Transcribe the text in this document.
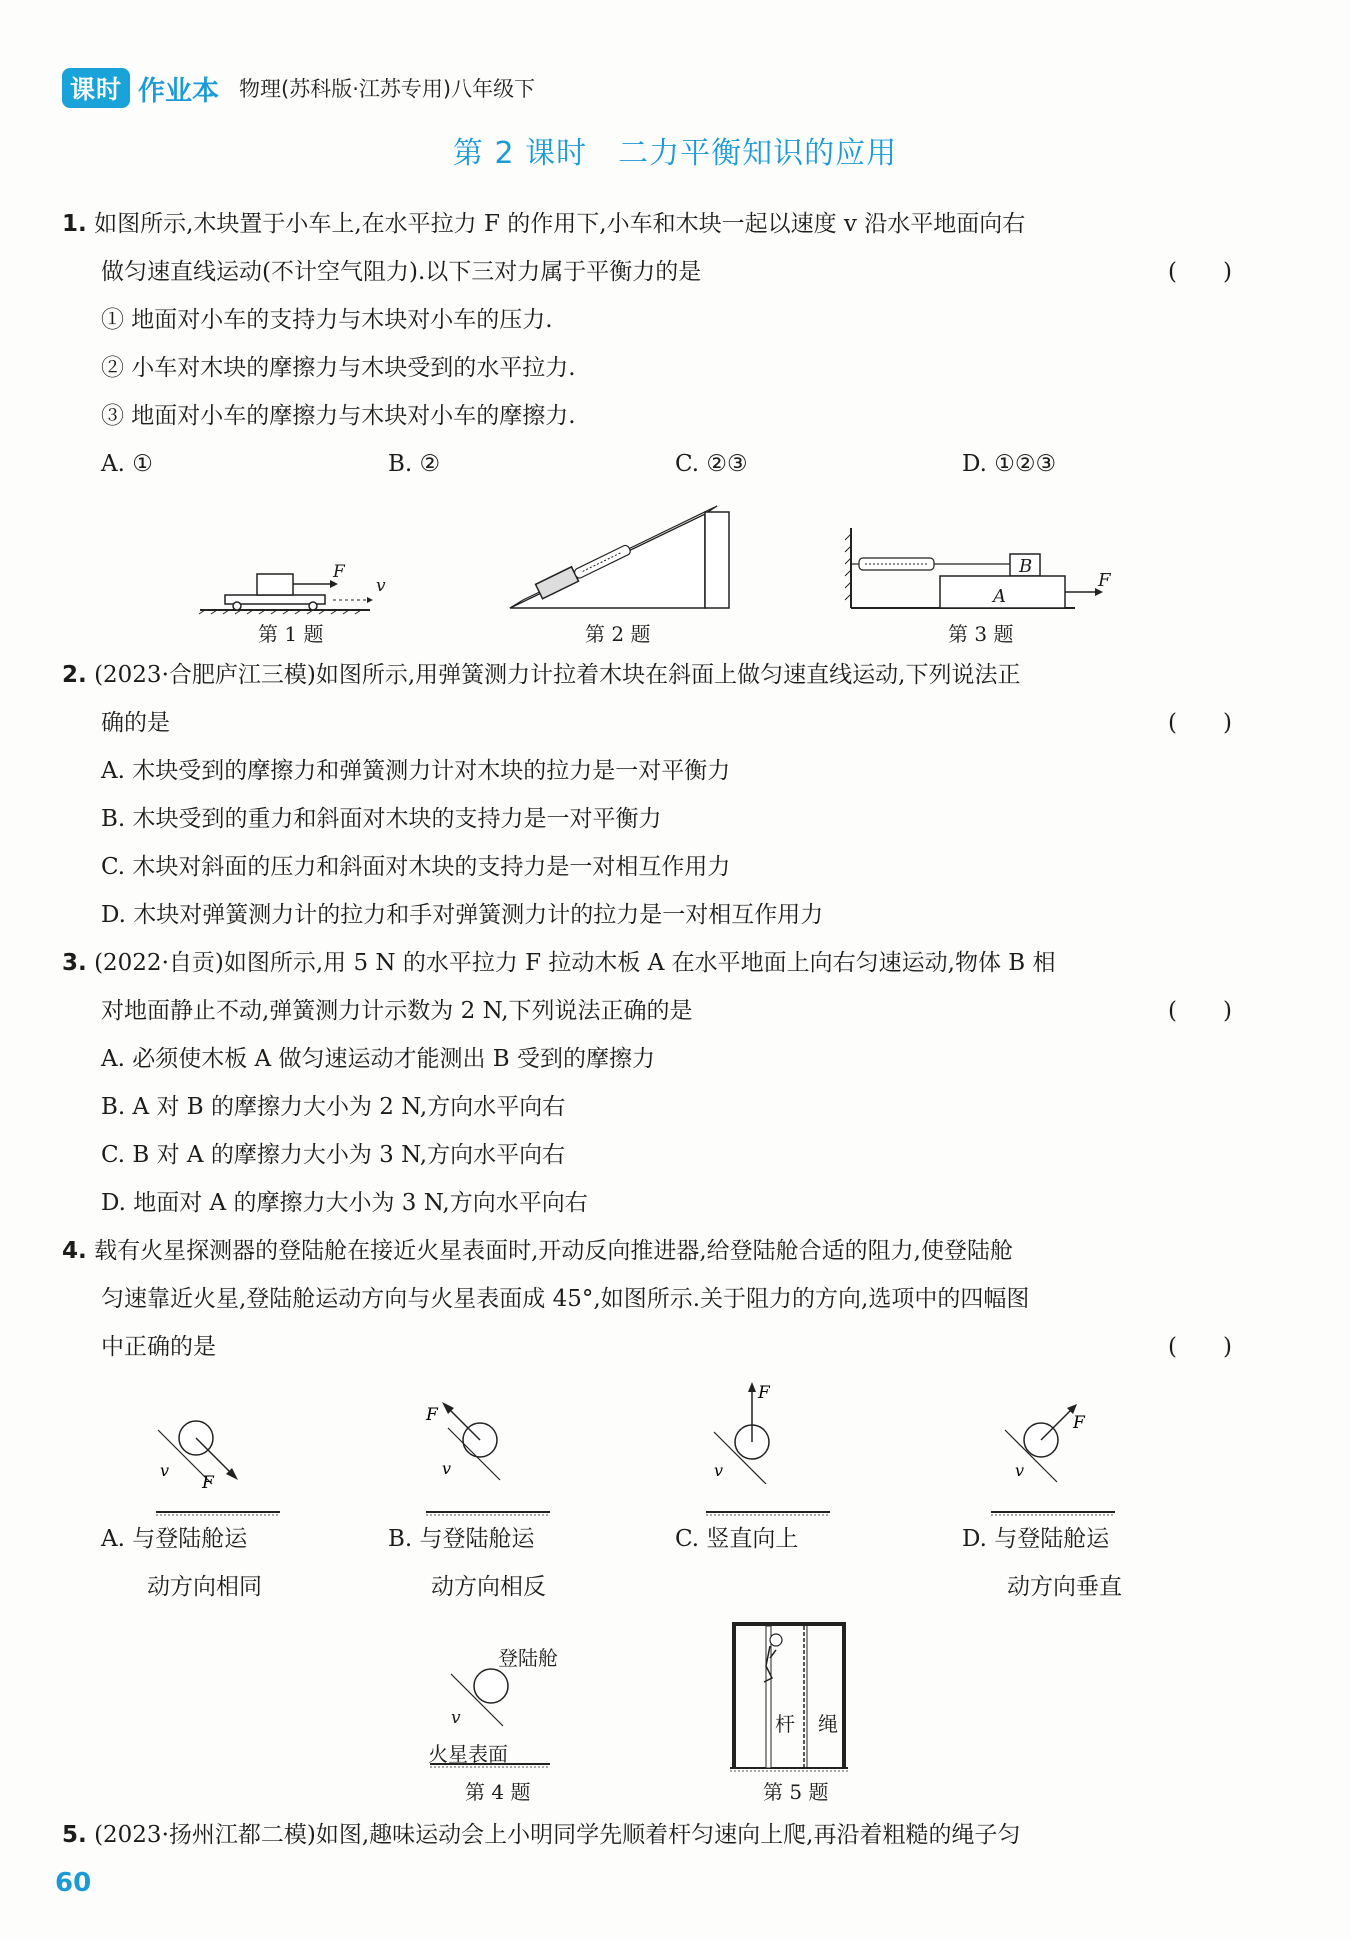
课时 作业本 物理(苏科版·江苏专用)八年级下
第 2 课时　二力平衡知识的应用
1. 如图所示,木块置于小车上,在水平拉力 F 的作用下,小车和木块一起以速度 v 沿水平地面向右
做匀速直线运动(不计空气阻力).以下三对力属于平衡力的是	(　　)
① 地面对小车的支持力与木块对小车的压力.
② 小车对木块的摩擦力与木块受到的水平拉力.
③ 地面对小车的摩擦力与木块对小车的摩擦力.
A. ①	B. ②	C. ②③	D. ①②③
F
v
第 1 题	第 2 题
B
A
F
第 3 题
2. (2023·合肥庐江三模)如图所示,用弹簧测力计拉着木块在斜面上做匀速直线运动,下列说法正
确的是	(　　)
A. 木块受到的摩擦力和弹簧测力计对木块的拉力是一对平衡力
B. 木块受到的重力和斜面对木块的支持力是一对平衡力
C. 木块对斜面的压力和斜面对木块的支持力是一对相互作用力
D. 木块对弹簧测力计的拉力和手对弹簧测力计的拉力是一对相互作用力
3. (2022·自贡)如图所示,用 5 N 的水平拉力 F 拉动木板 A 在水平地面上向右匀速运动,物体 B 相
对地面静止不动,弹簧测力计示数为 2 N,下列说法正确的是	(　　)
A. 必须使木板 A 做匀速运动才能测出 B 受到的摩擦力
B. A 对 B 的摩擦力大小为 2 N,方向水平向右
C. B 对 A 的摩擦力大小为 3 N,方向水平向右
D. 地面对 A 的摩擦力大小为 3 N,方向水平向右
4. 载有火星探测器的登陆舱在接近火星表面时,开动反向推进器,给登陆舱合适的阻力,使登陆舱
匀速靠近火星,登陆舱运动方向与火星表面成 45°,如图所示.关于阻力的方向,选项中的四幅图
中正确的是	(　　)
v
F
F
v
F
v
F
v
A. 与登陆舱运
动方向相同
B. 与登陆舱运
动方向相反
C. 竖直向上	D. 与登陆舱运
动方向垂直
登陆舱
v
火星表面
第 4 题
杆 绳
第 5 题
5. (2023·扬州江都二模)如图,趣味运动会上小明同学先顺着杆匀速向上爬,再沿着粗糙的绳子匀
60
